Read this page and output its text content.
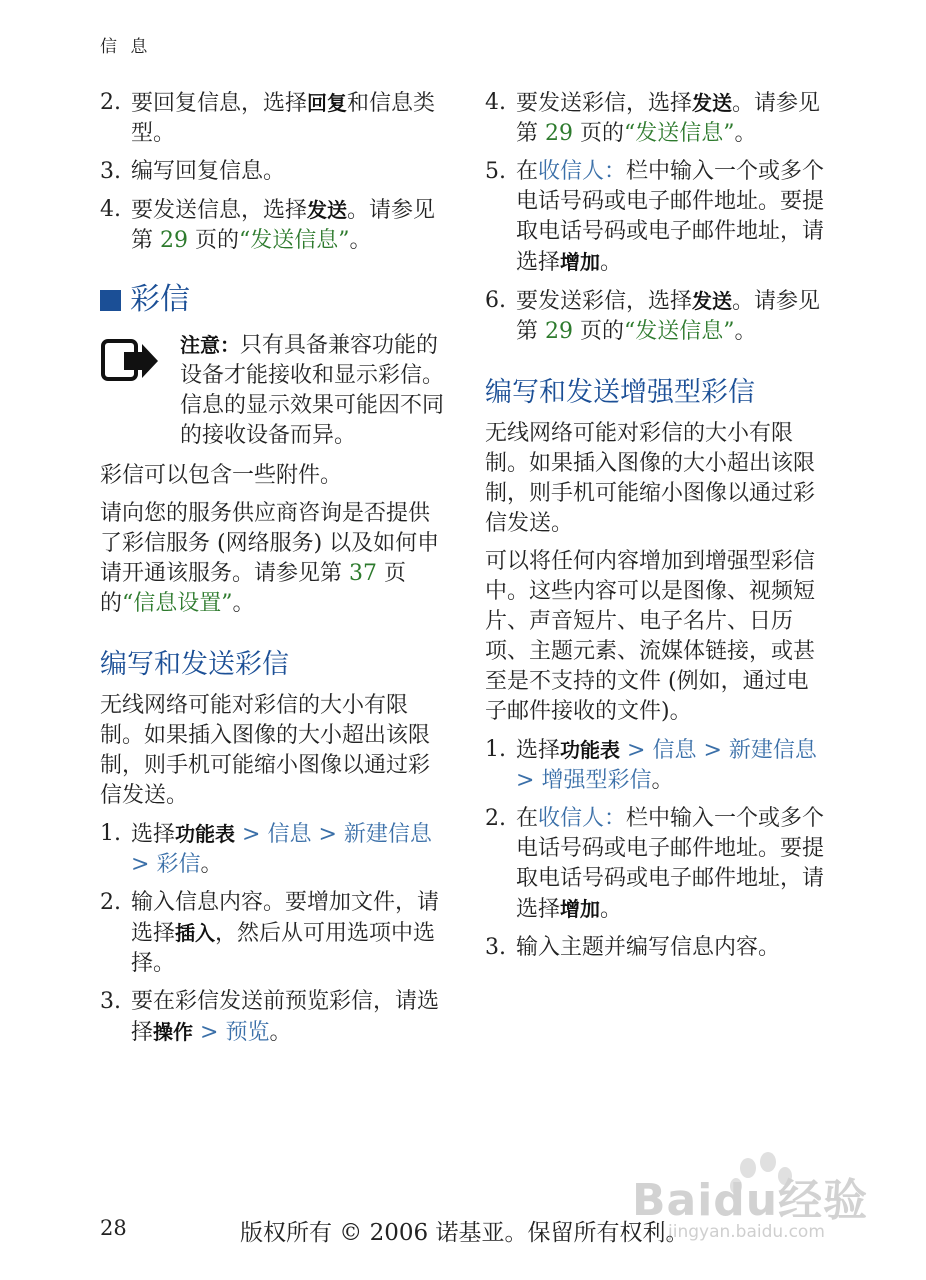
信 息
2. 要回复信息，选择回复和信息类型。
3. 编写回复信息。
4. 要发送信息，选择发送。请参见第 29 页的“发送信息”。
彩信
注意：只有具备兼容功能的设备才能接收和显示彩信。信息的显示效果可能因不同的接收设备而异。

彩信可以包含一些附件。

请向您的服务供应商咨询是否提供了彩信服务 (网络服务) 以及如何申请开通该服务。请参见第 37 页的“信息设置”。

编写和发送彩信

无线网络可能对彩信的大小有限制。如果插入图像的大小超出该限制，则手机可能缩小图像以通过彩信发送。

1. 选择功能表 > 信息 > 新建信息 > 彩信。
2. 输入信息内容。要增加文件，请选择插入，然后从可用选项中选择。
3. 要在彩信发送前预览彩信，请选择操作 > 预览。
4. 要发送彩信，选择发送。请参见第 29 页的“发送信息”。
5. 在收信人：栏中输入一个或多个电话号码或电子邮件地址。要提取电话号码或电子邮件地址，请选择增加。
6. 要发送彩信，选择发送。请参见第 29 页的“发送信息”。
编写和发送增强型彩信

无线网络可能对彩信的大小有限制。如果插入图像的大小超出该限制，则手机可能缩小图像以通过彩信发送。

可以将任何内容增加到增强型彩信中。这些内容可以是图像、视频短片、声音短片、电子名片、日历项、主题元素、流媒体链接，或甚至是不支持的文件 (例如，通过电子邮件接收的文件)。

1. 选择功能表 > 信息 > 新建信息 > 增强型彩信。
2. 在收信人：栏中输入一个或多个电话号码或电子邮件地址。要提取电话号码或电子邮件地址，请选择增加。
3. 输入主题并编写信息内容。
Baidu经验
jingyan.baidu.com
28	版权所有 © 2006 诺基亚。保留所有权利。
